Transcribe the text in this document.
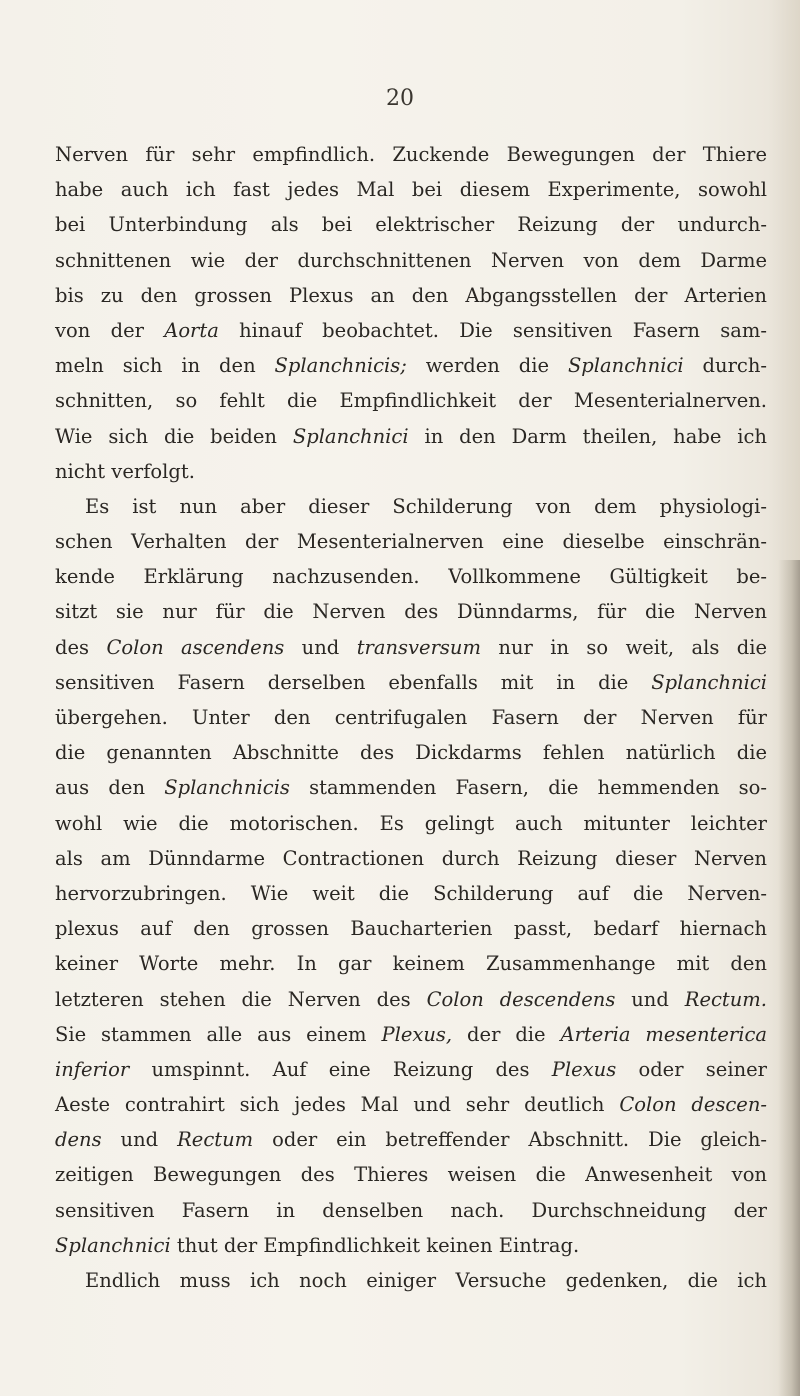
20
Nerven für sehr empfindlich. Zuckende Bewegungen der Thiere
habe auch ich fast jedes Mal bei diesem Experimente, sowohl
bei Unterbindung als bei elektrischer Reizung der undurch-
schnittenen wie der durchschnittenen Nerven von dem Darme
bis zu den grossen Plexus an den Abgangsstellen der Arterien
von der Aorta hinauf beobachtet. Die sensitiven Fasern sam-
meln sich in den Splanchnicis; werden die Splanchnici durch-
schnitten, so fehlt die Empfindlichkeit der Mesenterialnerven.
Wie sich die beiden Splanchnici in den Darm theilen, habe ich
nicht verfolgt.
Es ist nun aber dieser Schilderung von dem physiologi-
schen Verhalten der Mesenterialnerven eine dieselbe einschrän-
kende Erklärung nachzusenden. Vollkommene Gültigkeit be-
sitzt sie nur für die Nerven des Dünndarms, für die Nerven
des Colon ascendens und transversum nur in so weit, als die
sensitiven Fasern derselben ebenfalls mit in die Splanchnici
übergehen. Unter den centrifugalen Fasern der Nerven für
die genannten Abschnitte des Dickdarms fehlen natürlich die
aus den Splanchnicis stammenden Fasern, die hemmenden so-
wohl wie die motorischen. Es gelingt auch mitunter leichter
als am Dünndarme Contractionen durch Reizung dieser Nerven
hervorzubringen. Wie weit die Schilderung auf die Nerven-
plexus auf den grossen Baucharterien passt, bedarf hiernach
keiner Worte mehr. In gar keinem Zusammenhange mit den
letzteren stehen die Nerven des Colon descendens und Rectum.
Sie stammen alle aus einem Plexus, der die Arteria mesenterica
inferior umspinnt. Auf eine Reizung des Plexus oder seiner
Aeste contrahirt sich jedes Mal und sehr deutlich Colon descen-
dens und Rectum oder ein betreffender Abschnitt. Die gleich-
zeitigen Bewegungen des Thieres weisen die Anwesenheit von
sensitiven Fasern in denselben nach. Durchschneidung der
Splanchnici thut der Empfindlichkeit keinen Eintrag.
Endlich muss ich noch einiger Versuche gedenken, die ich
